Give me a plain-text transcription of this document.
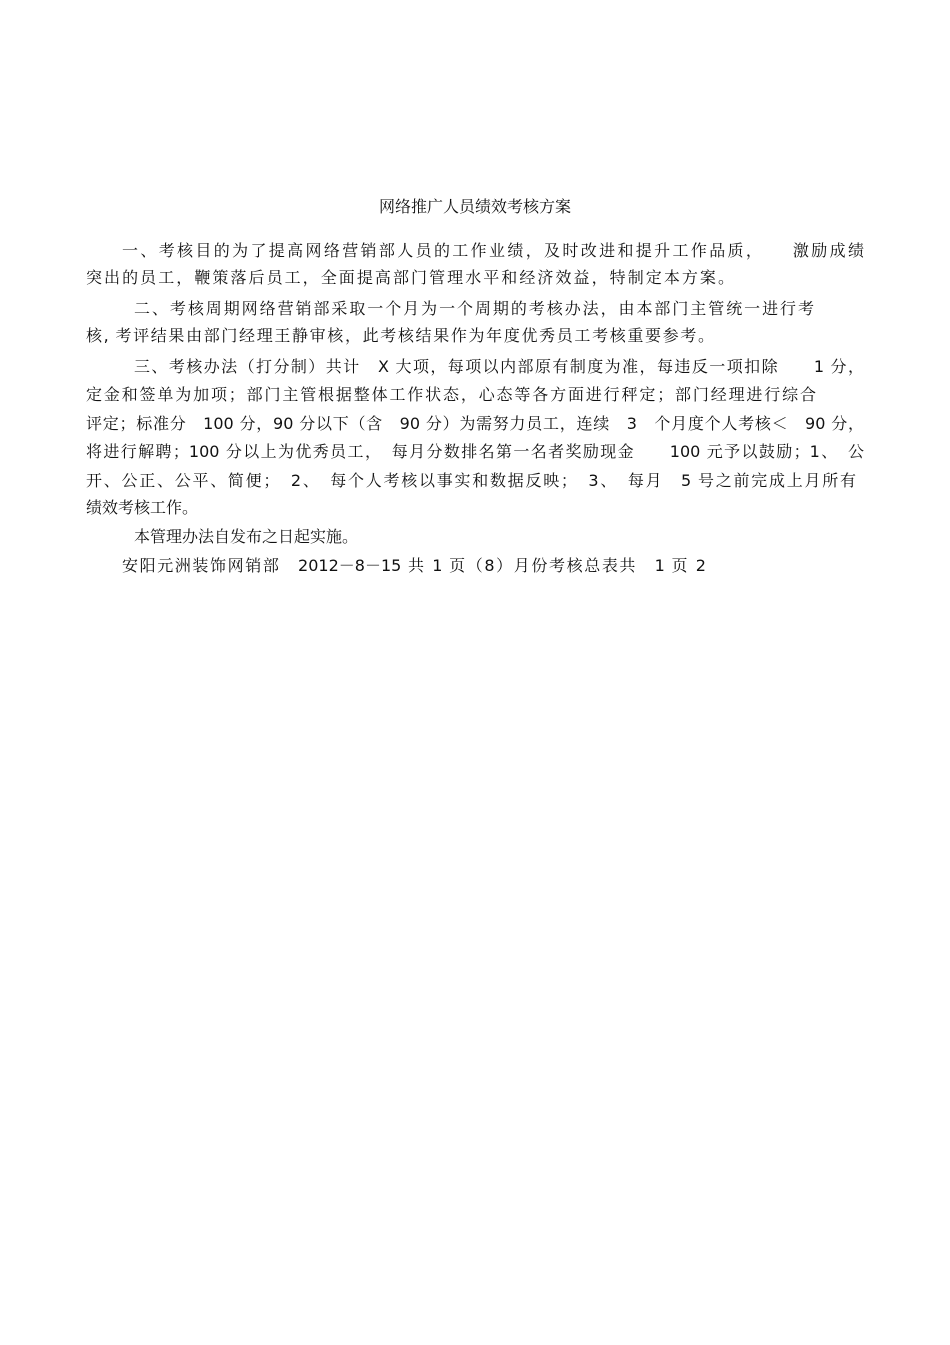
网络推广人员绩效考核方案

一、考核目的为了提高网络营销部人员的工作业绩，及时改进和提升工作品质，　　激励成绩

突出的员工，鞭策落后员工，全面提高部门管理水平和经济效益，特制定本方案。

二、考核周期网络营销部采取一个月为一个周期的考核办法，由本部门主管统一进行考

核, 考评结果由部门经理王静审核，此考核结果作为年度优秀员工考核重要参考。

三、考核办法（打分制）共计　X 大项，每项以内部原有制度为准，每违反一项扣除　　1 分，

定金和签单为加项；部门主管根据整体工作状态，心态等各方面进行秤定；部门经理进行综合

评定；标准分　100 分，90 分以下（含　90 分）为需努力员工，连续　3　个月度个人考核＜　90 分，

将进行解聘；100 分以上为优秀员工，　每月分数排名第一名者奖励现金　　100 元予以鼓励；1、　公

开、公正、公平、简便；　2、　每个人考核以事实和数据反映；　3、　每月　5 号之前完成上月所有

绩效考核工作。

本管理办法自发布之日起实施。

安阳元洲装饰网销部　2012－8－15 共 1 页（8）月份考核总表共　1 页 2
